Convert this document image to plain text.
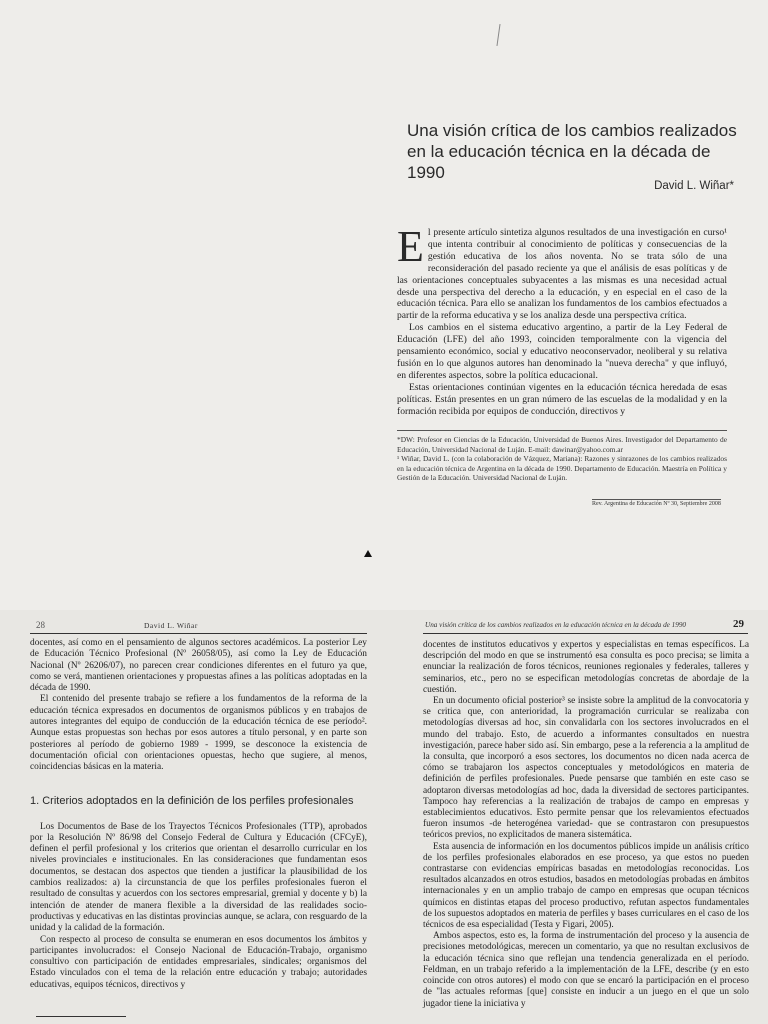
Una visión crítica de los cambios realizados en la educación técnica en la década de 1990
David L. Wiñar*

El presente artículo sintetiza algunos resultados de una investigación en curso¹ que intenta contribuir al conocimiento de políticas y consecuencias de la gestión educativa de los años noventa. No se trata sólo de una reconsideración del pasado reciente ya que el análisis de esas políticas y de las orientaciones conceptuales subyacentes a las mismas es una necesidad actual desde una perspectiva del derecho a la educación, y en especial en el caso de la educación técnica. Para ello se analizan los fundamentos de los cambios efectuados a partir de la reforma educativa y se los analiza desde una perspectiva crítica.

Los cambios en el sistema educativo argentino, a partir de la Ley Federal de Educación (LFE) del año 1993, coinciden temporalmente con la vigencia del pensamiento económico, social y educativo neoconservador, neoliberal y su relativa fusión en lo que algunos autores han denominado la "nueva derecha" y que influyó, en diferentes aspectos, sobre la política educacional.

Estas orientaciones continúan vigentes en la educación técnica heredada de esas políticas. Están presentes en un gran número de las escuelas de la modalidad y en la formación recibida por equipos de conducción, directivos y

*DW: Profesor en Ciencias de la Educación, Universidad de Buenos Aires. Investigador del Departamento de Educación, Universidad Nacional de Luján. E-mail: dawinar@yahoo.com.ar

¹ Wiñar, David L. (con la colaboración de Vázquez, Mariana): Razones y sinrazones de los cambios realizados en la educación técnica de Argentina en la década de 1990. Departamento de Educación. Maestría en Política y Gestión de la Educación. Universidad Nacional de Luján.

Rev. Argentina de Educación Nº 30, Septiembre 2008
28	David L. Wiñar	Una visión crítica de los cambios realizados en la educación técnica en la década de 1990	29

docentes, así como en el pensamiento de algunos sectores académicos. La posterior Ley de Educación Técnico Profesional (Nº 26058/05), así como la Ley de Educación Nacional (Nº 26206/07), no parecen crear condiciones diferentes en el futuro ya que, como se verá, mantienen orientaciones y propuestas afines a las políticas adoptadas en la década de 1990.

El contenido del presente trabajo se refiere a los fundamentos de la reforma de la educación técnica expresados en documentos de organismos públicos y en trabajos de autores integrantes del equipo de conducción de la educación técnica de ese período². Aunque estas propuestas son hechas por esos autores a título personal, y en parte son posteriores al período de gobierno 1989 - 1999, se desconoce la existencia de documentación oficial con orientaciones opuestas, hecho que sugiere, al menos, coincidencias básicas en la materia.

1. Criterios adoptados en la definición de los perfiles profesionales

Los Documentos de Base de los Trayectos Técnicos Profesionales (TTP), aprobados por la Resolución Nº 86/98 del Consejo Federal de Cultura y Educación (CFCyE), definen el perfil profesional y los criterios que orientan el desarrollo curricular en los niveles provinciales e institucionales. En las consideraciones que fundamentan esos documentos, se destacan dos aspectos que tienden a justificar la plausibilidad de los cambios realizados: a) la circunstancia de que los perfiles profesionales fueron el resultado de consultas y acuerdos con los sectores empresarial, gremial y docente y b) la intención de atender de manera flexible a la diversidad de las realidades socio-productivas y educativas en las distintas provincias aunque, se aclara, con resguardo de la unidad y la calidad de la formación.

Con respecto al proceso de consulta se enumeran en esos documentos los ámbitos y participantes involucrados: el Consejo Nacional de Educación-Trabajo, organismo consultivo con participación de entidades empresariales, sindicales; organismos del Estado vinculados con el tema de la relación entre educación y trabajo; autoridades educativas, equipos técnicos, directivos y

docentes de institutos educativos y expertos y especialistas en temas específicos. La descripción del modo en que se instrumentó esa consulta es poco precisa; se limita a enunciar la realización de foros técnicos, reuniones regionales y federales, talleres y seminarios, etc., pero no se especifican metodologías concretas de abordaje de la cuestión.

En un documento oficial posterior³ se insiste sobre la amplitud de la convocatoria y se critica que, con anterioridad, la programación curricular se realizaba con metodologías diversas ad hoc, sin convalidarla con los sectores involucrados en el mundo del trabajo. Esto, de acuerdo a informantes consultados en nuestra investigación, parece haber sido así. Sin embargo, pese a la referencia a la amplitud de la consulta, que incorporó a esos sectores, los documentos no dicen nada acerca de cómo se trabajaron los aspectos conceptuales y metodológicos en materia de definición de perfiles profesionales. Puede pensarse que también en este caso se adoptaron diversas metodologías ad hoc, dada la diversidad de sectores participantes. Tampoco hay referencias a la realización de trabajos de campo en empresas y establecimientos educativos. Esto permite pensar que los relevamientos efectuados fueron insumos -de heterogénea variedad- que se contrastaron con presupuestos teóricos previos, no explicitados de manera sistemática.

Esta ausencia de información en los documentos públicos impide un análisis crítico de los perfiles profesionales elaborados en ese proceso, ya que estos no pueden contrastarse con evidencias empíricas basadas en metodologías reconocidas. Los resultados alcanzados en otros estudios, basados en metodologías probadas en ámbitos internacionales y en un amplio trabajo de campo en empresas que ocupan técnicos químicos en distintas etapas del proceso productivo, refutan aspectos fundamentales de los supuestos adoptados en materia de perfiles y bases curriculares en el caso de los técnicos de esa especialidad (Testa y Figari, 2005).

Ambos aspectos, esto es, la forma de instrumentación del proceso y la ausencia de precisiones metodológicas, merecen un comentario, ya que no resultan exclusivos de la educación técnica sino que reflejan una tendencia generalizada en el período. Feldman, en un trabajo referido a la implementación de la LFE, describe (y en esto coincide con otros autores) el modo con que se encaró la participación en el proceso de "las actuales reformas [que] consiste en inducir a un juego en el que un solo jugador tiene la iniciativa y
